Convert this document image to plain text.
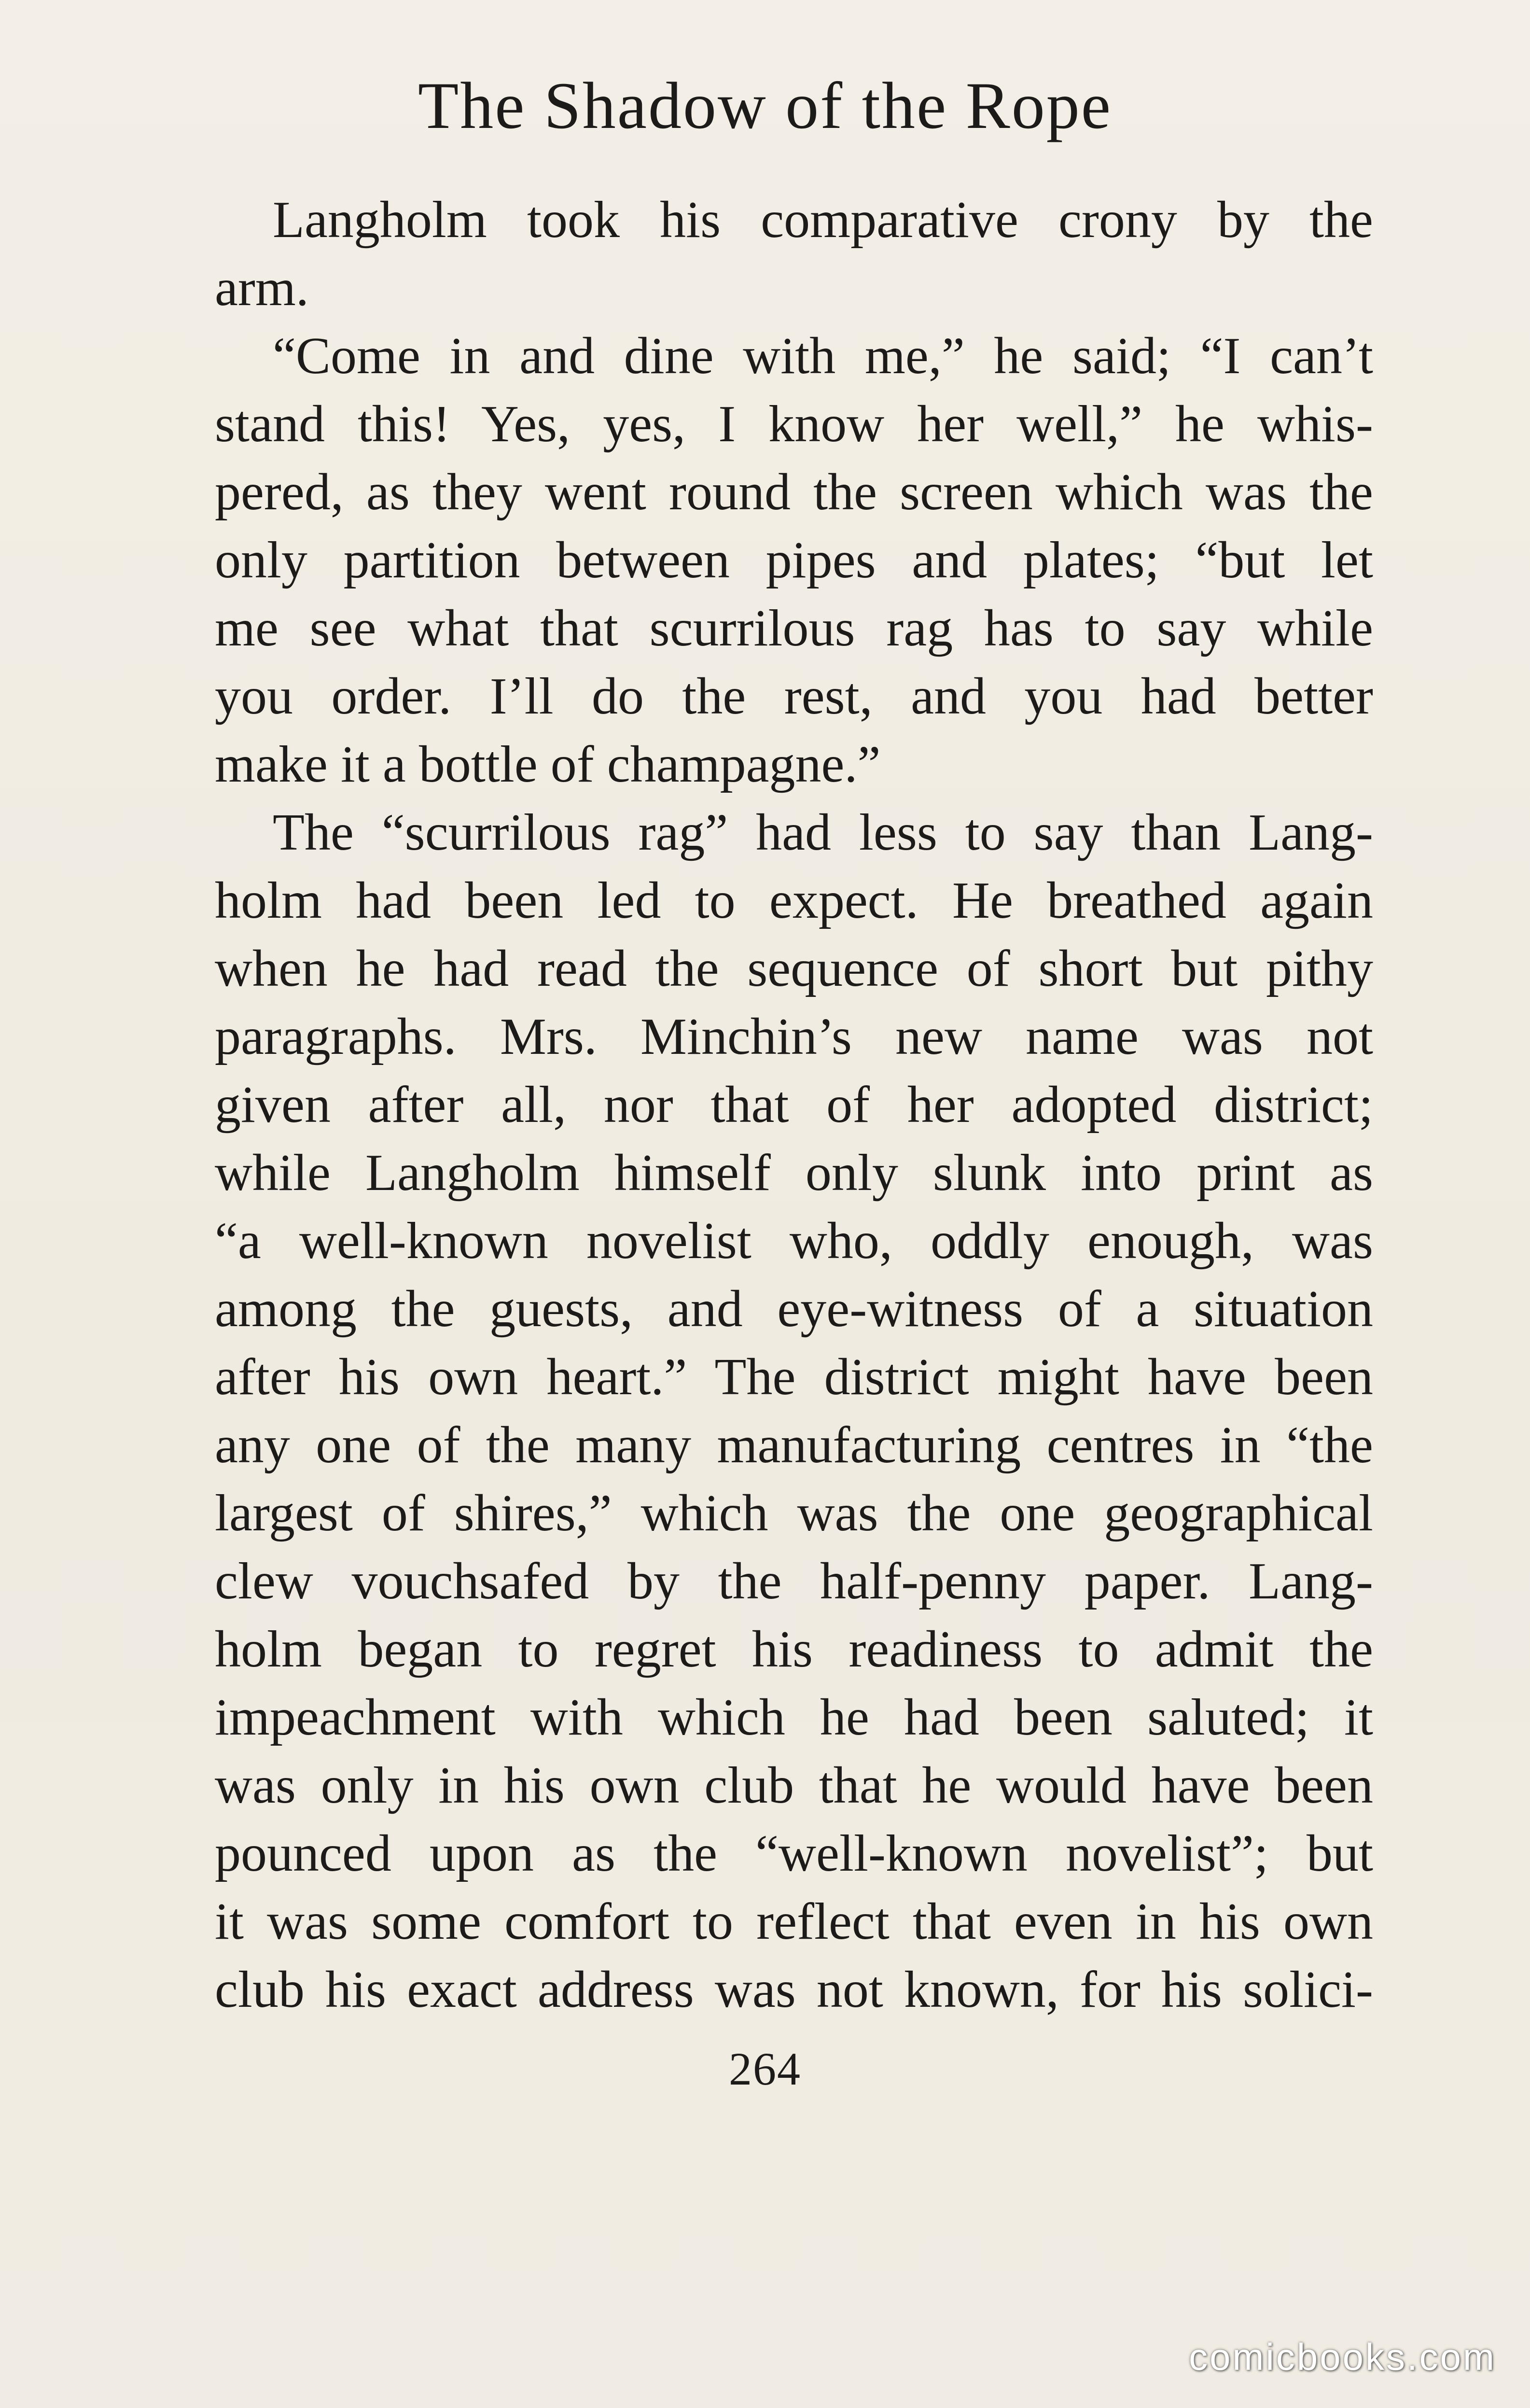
The Shadow of the Rope
Langholm took his comparative crony by the
arm.
“Come in and dine with me,” he said; “I can’t
stand this! Yes, yes, I know her well,” he whis-
pered, as they went round the screen which was the
only partition between pipes and plates; “but let
me see what that scurrilous rag has to say while
you order. I’ll do the rest, and you had better
make it a bottle of champagne.”
The “scurrilous rag” had less to say than Lang-
holm had been led to expect. He breathed again
when he had read the sequence of short but pithy
paragraphs. Mrs. Minchin’s new name was not
given after all, nor that of her adopted district;
while Langholm himself only slunk into print as
“a well-known novelist who, oddly enough, was
among the guests, and eye-witness of a situation
after his own heart.” The district might have been
any one of the many manufacturing centres in “the
largest of shires,” which was the one geographical
clew vouchsafed by the half-penny paper. Lang-
holm began to regret his readiness to admit the
impeachment with which he had been saluted; it
was only in his own club that he would have been
pounced upon as the “well-known novelist”; but
it was some comfort to reflect that even in his own
club his exact address was not known, for his solici-
264
comicbooks.com
